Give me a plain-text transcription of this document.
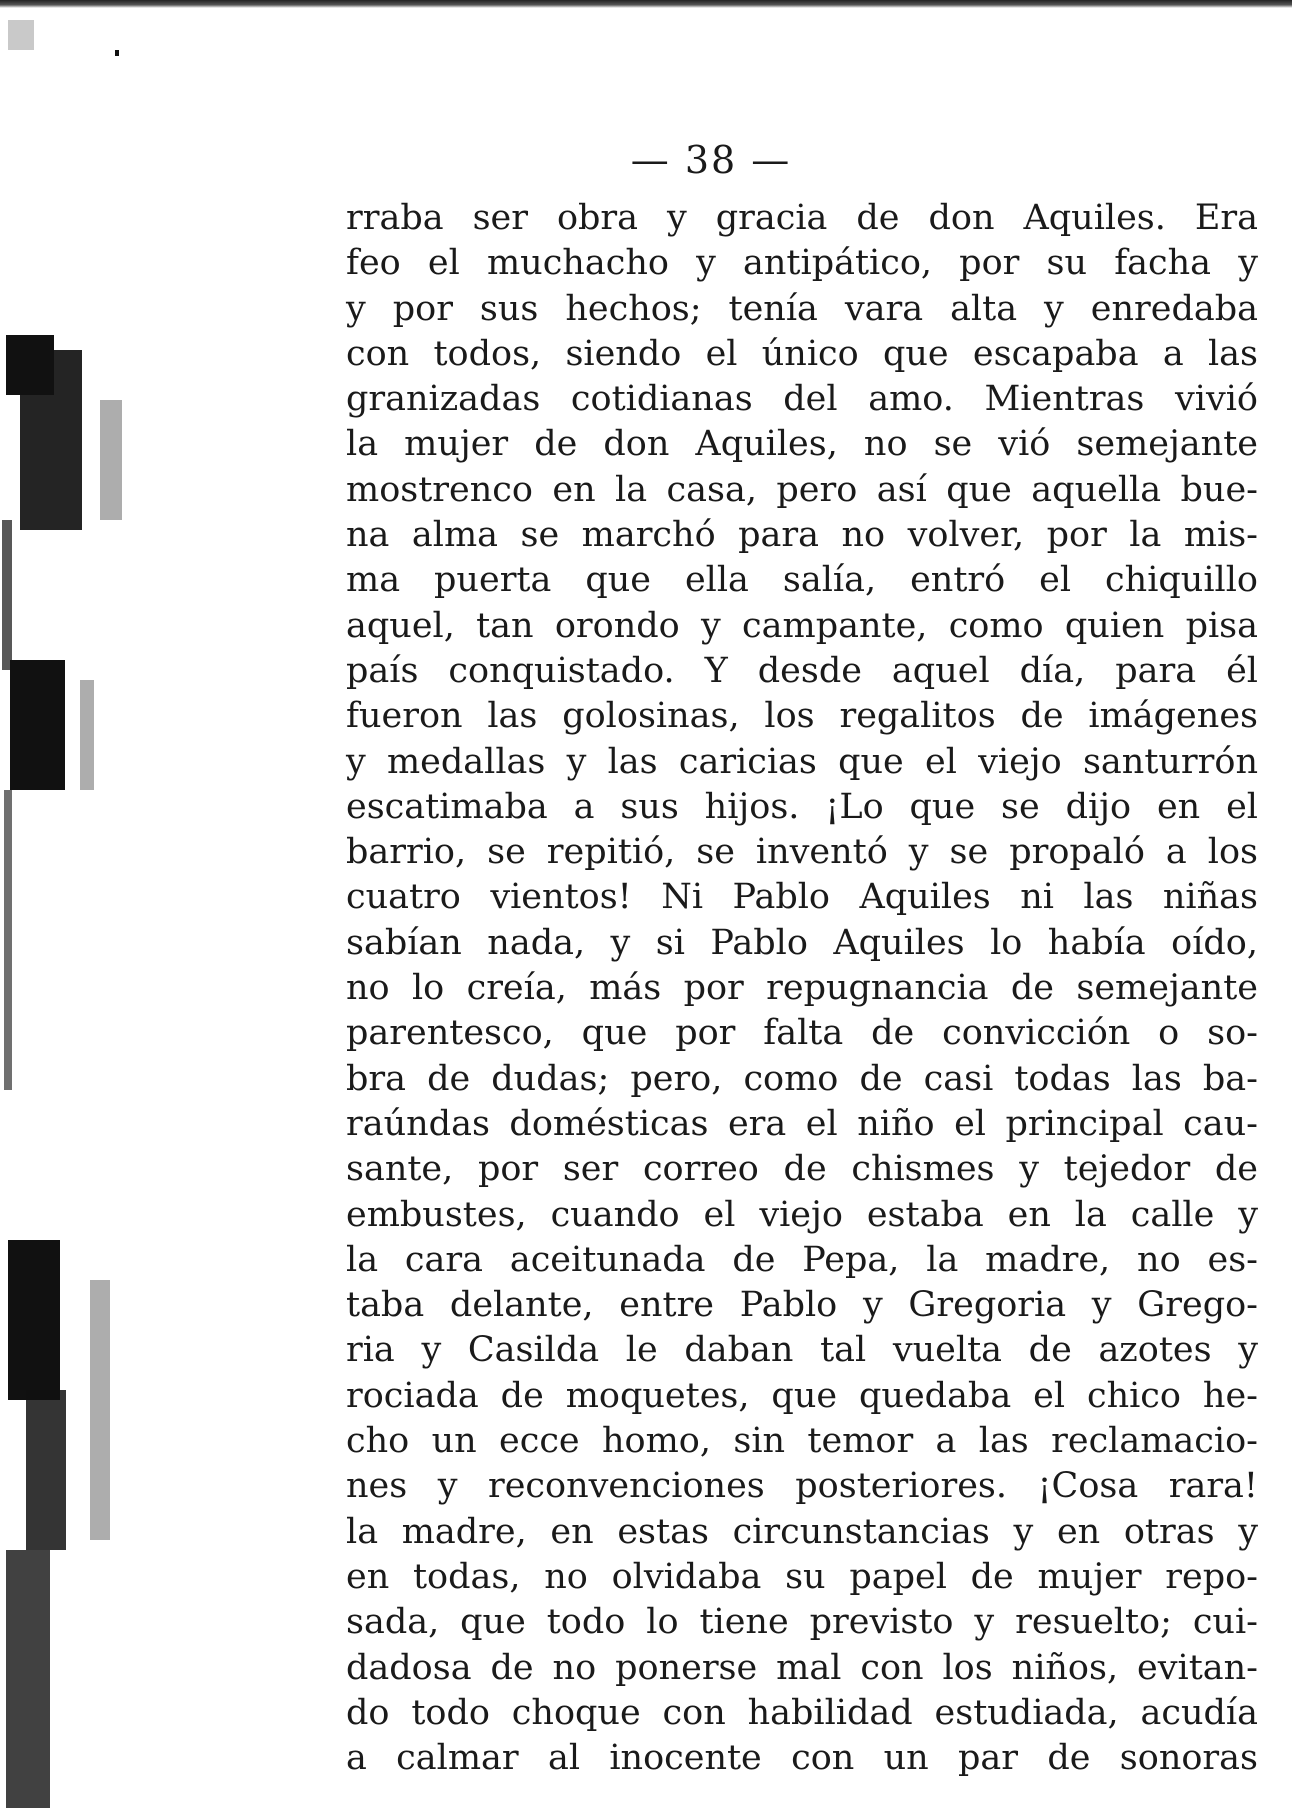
— 38 —
rraba ser obra y gracia de don Aquiles. Era
feo el muchacho y antipático, por su facha y
y por sus hechos; tenía vara alta y enredaba
con todos, siendo el único que escapaba a las
granizadas cotidianas del amo. Mientras vivió
la mujer de don Aquiles, no se vió semejante
mostrenco en la casa, pero así que aquella bue-
na alma se marchó para no volver, por la mis-
ma puerta que ella salía, entró el chiquillo
aquel, tan orondo y campante, como quien pisa
país conquistado. Y desde aquel día, para él
fueron las golosinas, los regalitos de imágenes
y medallas y las caricias que el viejo santurrón
escatimaba a sus hijos. ¡Lo que se dijo en el
barrio, se repitió, se inventó y se propaló a los
cuatro vientos! Ni Pablo Aquiles ni las niñas
sabían nada, y si Pablo Aquiles lo había oído,
no lo creía, más por repugnancia de semejante
parentesco, que por falta de convicción o so-
bra de dudas; pero, como de casi todas las ba-
raúndas domésticas era el niño el principal cau-
sante, por ser correo de chismes y tejedor de
embustes, cuando el viejo estaba en la calle y
la cara aceitunada de Pepa, la madre, no es-
taba delante, entre Pablo y Gregoria y Grego-
ria y Casilda le daban tal vuelta de azotes y
rociada de moquetes, que quedaba el chico he-
cho un ecce homo, sin temor a las reclamacio-
nes y reconvenciones posteriores. ¡Cosa rara!
la madre, en estas circunstancias y en otras y
en todas, no olvidaba su papel de mujer repo-
sada, que todo lo tiene previsto y resuelto; cui-
dadosa de no ponerse mal con los niños, evitan-
do todo choque con habilidad estudiada, acudía
a calmar al inocente con un par de sonoras
